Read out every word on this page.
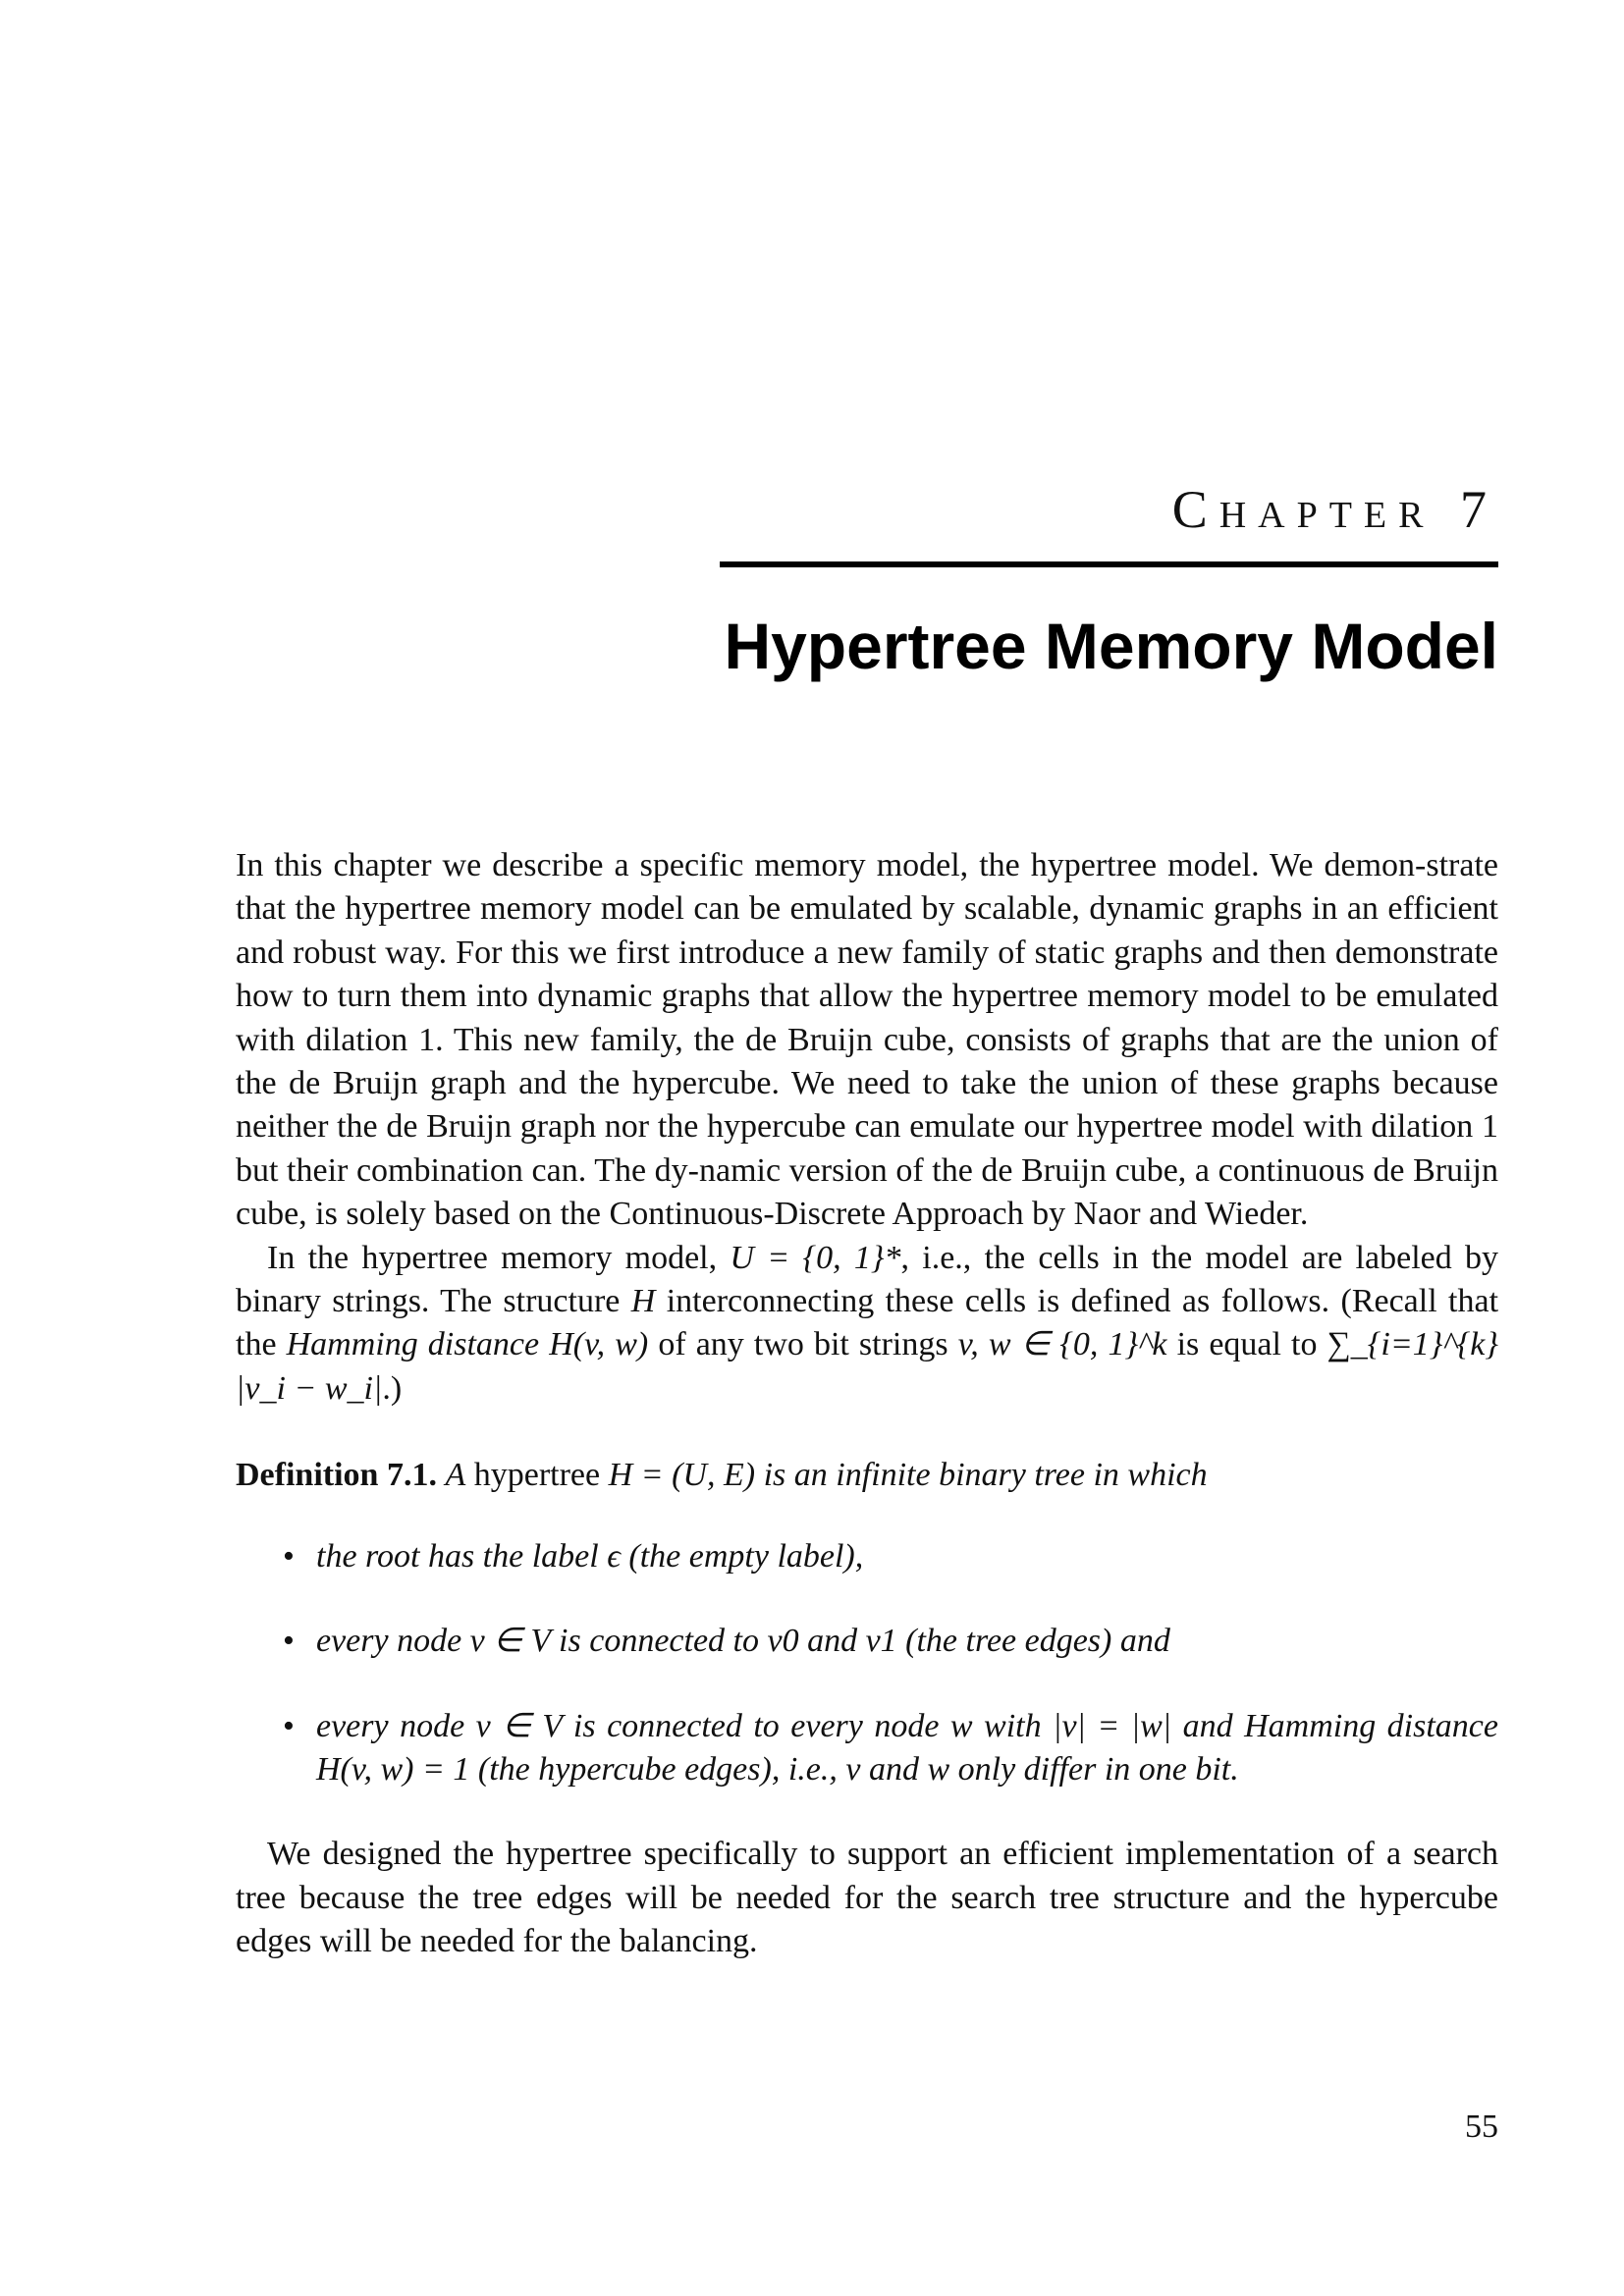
Chapter 7
Hypertree Memory Model

In this chapter we describe a specific memory model, the hypertree model. We demon-strate that the hypertree memory model can be emulated by scalable, dynamic graphs in an efficient and robust way. For this we first introduce a new family of static graphs and then demonstrate how to turn them into dynamic graphs that allow the hypertree memory model to be emulated with dilation 1. This new family, the de Bruijn cube, consists of graphs that are the union of the de Bruijn graph and the hypercube. We need to take the union of these graphs because neither the de Bruijn graph nor the hypercube can emulate our hypertree model with dilation 1 but their combination can. The dy-namic version of the de Bruijn cube, a continuous de Bruijn cube, is solely based on the Continuous-Discrete Approach by Naor and Wieder.

In the hypertree memory model, U = {0, 1}*, i.e., the cells in the model are labeled by binary strings. The structure H interconnecting these cells is defined as follows. (Recall that the Hamming distance H(v, w) of any two bit strings v, w ∈ {0, 1}^k is equal to ∑_{i=1}^{k} |v_i − w_i|.)

Definition 7.1. A hypertree H = (U, E) is an infinite binary tree in which

• the root has the label ϵ (the empty label),
• every node v ∈ V is connected to v0 and v1 (the tree edges) and
• every node v ∈ V is connected to every node w with |v| = |w| and Hamming distance H(v, w) = 1 (the hypercube edges), i.e., v and w only differ in one bit.

We designed the hypertree specifically to support an efficient implementation of a search tree because the tree edges will be needed for the search tree structure and the hypercube edges will be needed for the balancing.

55
